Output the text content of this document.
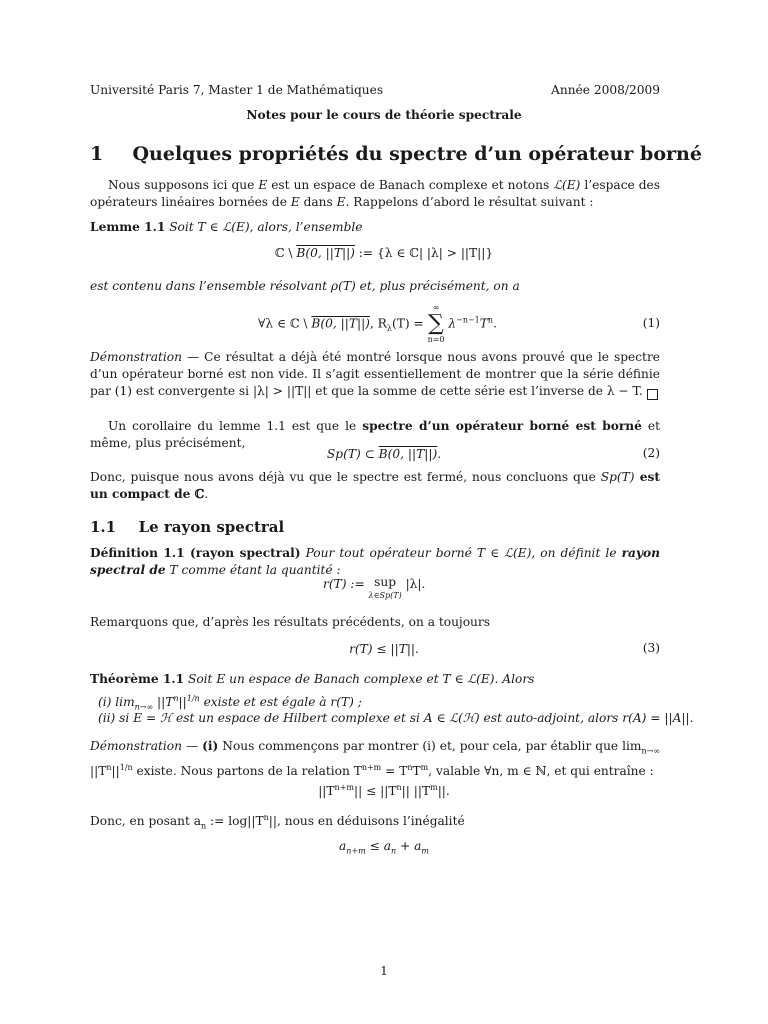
Université Paris 7, Master 1 de Mathématiques	Année 2008/2009
Notes pour le cours de théorie spectrale
1 Quelques propriétés du spectre d’un opérateur borné
Nous supposons ici que E est un espace de Banach complexe et notons ℒ(E) l’espace des opérateurs linéaires bornées de E dans E. Rappelons d’abord le résultat suivant :
Lemme 1.1 Soit T ∈ ℒ(E), alors, l’ensemble
ℂ \ B(0, ||T||) := {λ ∈ ℂ| |λ| > ||T||}
est contenu dans l’ensemble résolvant ρ(T) et, plus précisément, on a
∀λ ∈ ℂ \ B(0, ||T||), $R_\lambda(T)$ =
∞
∑
n=0
$\lambda^{-n-1}T^n$.	(1)
Démonstration — Ce résultat a déjà été montré lorsque nous avons prouvé que le spectre d’un opérateur borné est non vide. Il s’agit essentiellement de montrer que la série définie par (1) est convergente si |λ| > ||T|| et que la somme de cette série est l’inverse de λ − T.
Un corollaire du lemme 1.1 est que le spectre d’un opérateur borné est borné et même, plus précisément,
Sp(T) ⊂ B(0, ||T||).	(2)
Donc, puisque nous avons déjà vu que le spectre est fermé, nous concluons que Sp(T) est un compact de ℂ.
1.1 Le rayon spectral
Définition 1.1 (rayon spectral) Pour tout opérateur borné T ∈ ℒ(E), on définit le rayon spectral de T comme étant la quantité :
r(T) := sup
λ∈Sp(T)
|λ|.
Remarquons que, d’après les résultats précédents, on a toujours
r(T) ≤ ||T||.	(3)
Théorème 1.1 Soit E un espace de Banach complexe et T ∈ ℒ(E). Alors
(i) $\lim_{n\to\infty} ||T^n||^{1/n}$ existe et est égale à r(T) ;
(ii) si E = ℋ est un espace de Hilbert complexe et si A ∈ ℒ(ℋ) est auto-adjoint, alors r(A) = ||A||.
Démonstration — (i) Nous commençons par montrer (i) et, pour cela, par établir que $\lim_{n\to\infty} ||T^n||^{1/n}$ existe. Nous partons de la relation $T^{n+m} = T^nT^m$, valable ∀n, m ∈ ℕ, et qui entraîne :
$||T^{n+m}|| \le ||T^n||$ $||T^m||$.
Donc, en posant $a_n$ := $\log||T^n||$, nous en déduisons l’inégalité
$a_{n+m} \le a_n + a_m$
1
